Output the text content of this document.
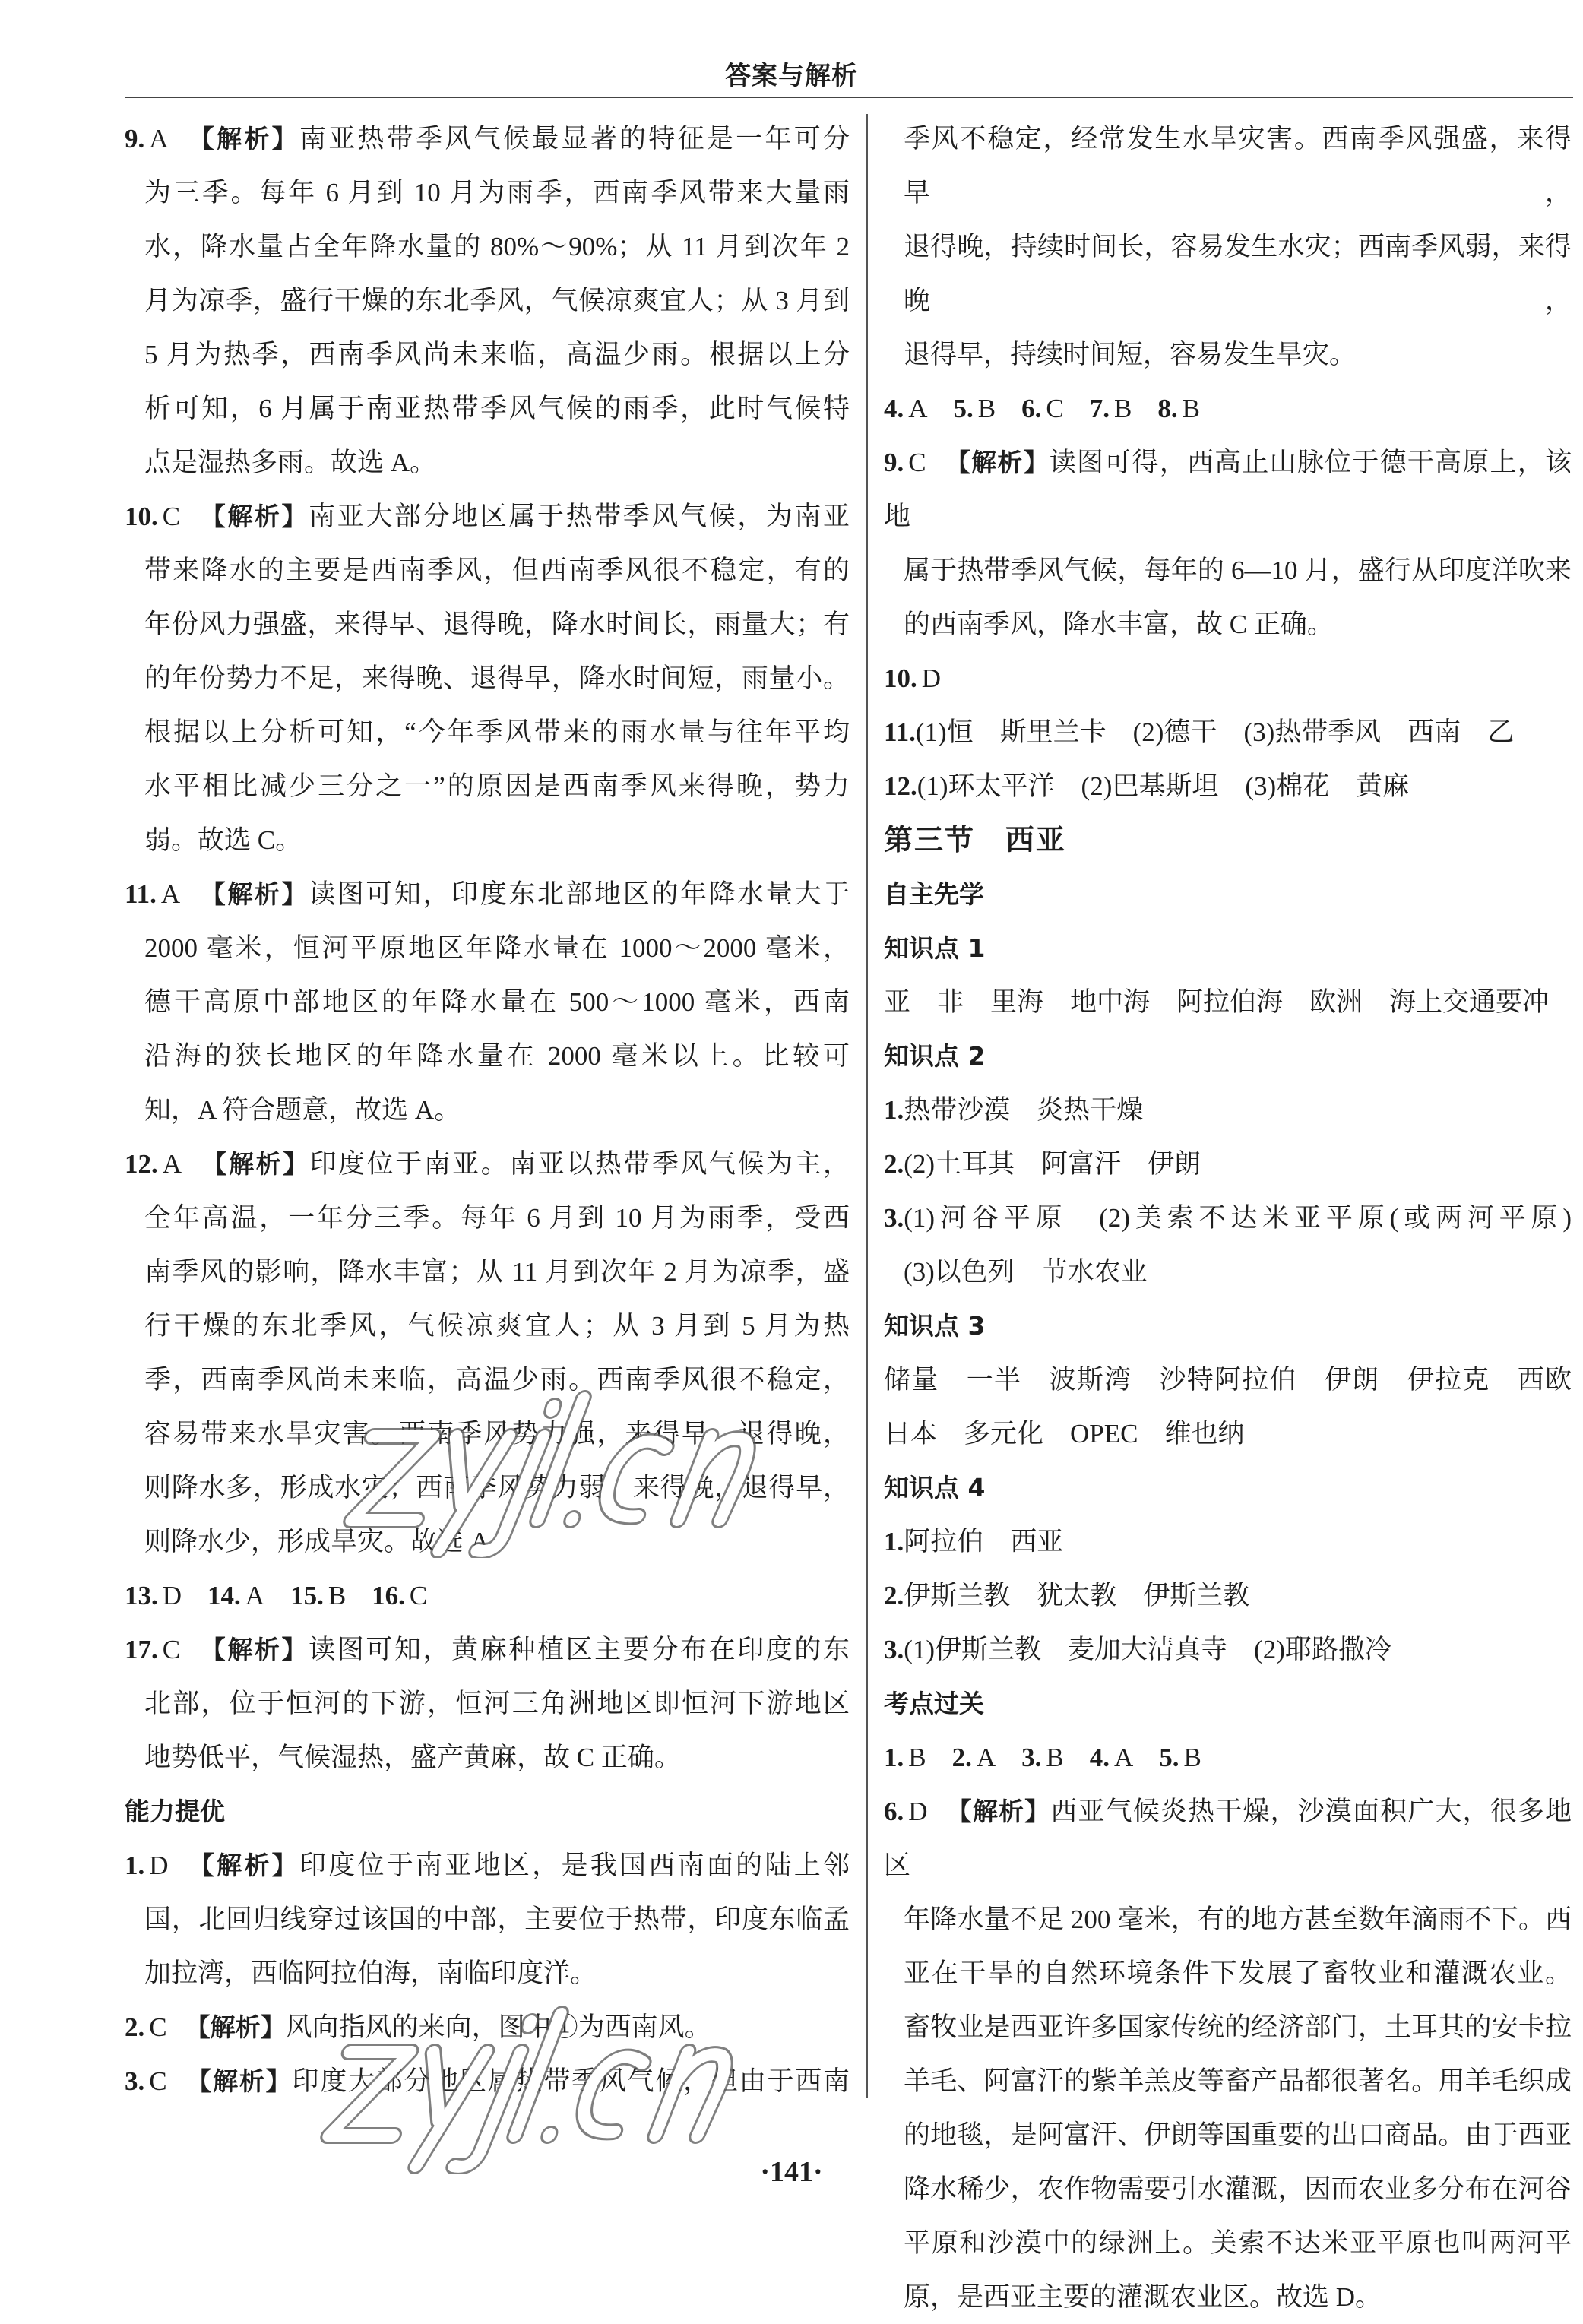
答案与解析
9. A 【解析】南亚热带季风气候最显著的特征是一年可分
为三季。每年 6 月到 10 月为雨季，西南季风带来大量雨
水，降水量占全年降水量的 80%～90%；从 11 月到次年 2
月为凉季，盛行干燥的东北季风，气候凉爽宜人；从 3 月到
5 月为热季，西南季风尚未来临，高温少雨。根据以上分
析可知，6 月属于南亚热带季风气候的雨季，此时气候特
点是湿热多雨。故选 A。
10. C 【解析】南亚大部分地区属于热带季风气候，为南亚
带来降水的主要是西南季风，但西南季风很不稳定，有的
年份风力强盛，来得早、退得晚，降水时间长，雨量大；有
的年份势力不足，来得晚、退得早，降水时间短，雨量小。
根据以上分析可知，“今年季风带来的雨水量与往年平均
水平相比减少三分之一”的原因是西南季风来得晚，势力
弱。故选 C。
11. A 【解析】读图可知，印度东北部地区的年降水量大于
2000 毫米，恒河平原地区年降水量在 1000～2000 毫米，
德干高原中部地区的年降水量在 500～1000 毫米，西南
沿海的狭长地区的年降水量在 2000 毫米以上。比较可
知，A 符合题意，故选 A。
12. A 【解析】印度位于南亚。南亚以热带季风气候为主，
全年高温，一年分三季。每年 6 月到 10 月为雨季，受西
南季风的影响，降水丰富；从 11 月到次年 2 月为凉季，盛
行干燥的东北季风，气候凉爽宜人；从 3 月到 5 月为热
季，西南季风尚未来临，高温少雨。西南季风很不稳定，
容易带来水旱灾害。西南季风势力强，来得早，退得晚，
则降水多，形成水灾；西南季风势力弱，来得晚，退得早，
则降水少，形成旱灾。故选 A。
13. D 14. A 15. B 16. C
17. C 【解析】读图可知，黄麻种植区主要分布在印度的东
北部，位于恒河的下游，恒河三角洲地区即恒河下游地区
地势低平，气候湿热，盛产黄麻，故 C 正确。
能力提优
1. D 【解析】印度位于南亚地区，是我国西南面的陆上邻
国，北回归线穿过该国的中部，主要位于热带，印度东临孟
加拉湾，西临阿拉伯海，南临印度洋。
2. C 【解析】风向指风的来向，图中①为西南风。
3. C 【解析】印度大部分地区属热带季风气候，但由于西南
季风不稳定，经常发生水旱灾害。西南季风强盛，来得早，
退得晚，持续时间长，容易发生水灾；西南季风弱，来得晚，
退得早，持续时间短，容易发生旱灾。
4. A 5. B 6. C 7. B 8. B
9. C 【解析】读图可得，西高止山脉位于德干高原上，该地
属于热带季风气候，每年的 6—10 月，盛行从印度洋吹来
的西南季风，降水丰富，故 C 正确。
10. D
11.(1)恒　斯里兰卡　(2)德干　(3)热带季风　西南　乙
12.(1)环太平洋　(2)巴基斯坦　(3)棉花　黄麻
第三节　西亚
自主先学
知识点 1
亚　非　里海　地中海　阿拉伯海　欧洲　海上交通要冲
知识点 2
1.热带沙漠　炎热干燥
2.(2)土耳其　阿富汗　伊朗
3.(1)河谷平原　(2)美索不达米亚平原(或两河平原)
(3)以色列　节水农业
知识点 3
储量　一半　波斯湾　沙特阿拉伯　伊朗　伊拉克　西欧
日本　多元化　OPEC　维也纳
知识点 4
1.阿拉伯　西亚
2.伊斯兰教　犹太教　伊斯兰教
3.(1)伊斯兰教　麦加大清真寺　(2)耶路撒冷
考点过关
1. B 2. A 3. B 4. A 5. B
6. D 【解析】西亚气候炎热干燥，沙漠面积广大，很多地区
年降水量不足 200 毫米，有的地方甚至数年滴雨不下。西
亚在干旱的自然环境条件下发展了畜牧业和灌溉农业。
畜牧业是西亚许多国家传统的经济部门，土耳其的安卡拉
羊毛、阿富汗的紫羊羔皮等畜产品都很著名。用羊毛织成
的地毯，是阿富汗、伊朗等国重要的出口商品。由于西亚
降水稀少，农作物需要引水灌溉，因而农业多分布在河谷
平原和沙漠中的绿洲上。美索不达米亚平原也叫两河平
原，是西亚主要的灌溉农业区。故选 D。
·141·
